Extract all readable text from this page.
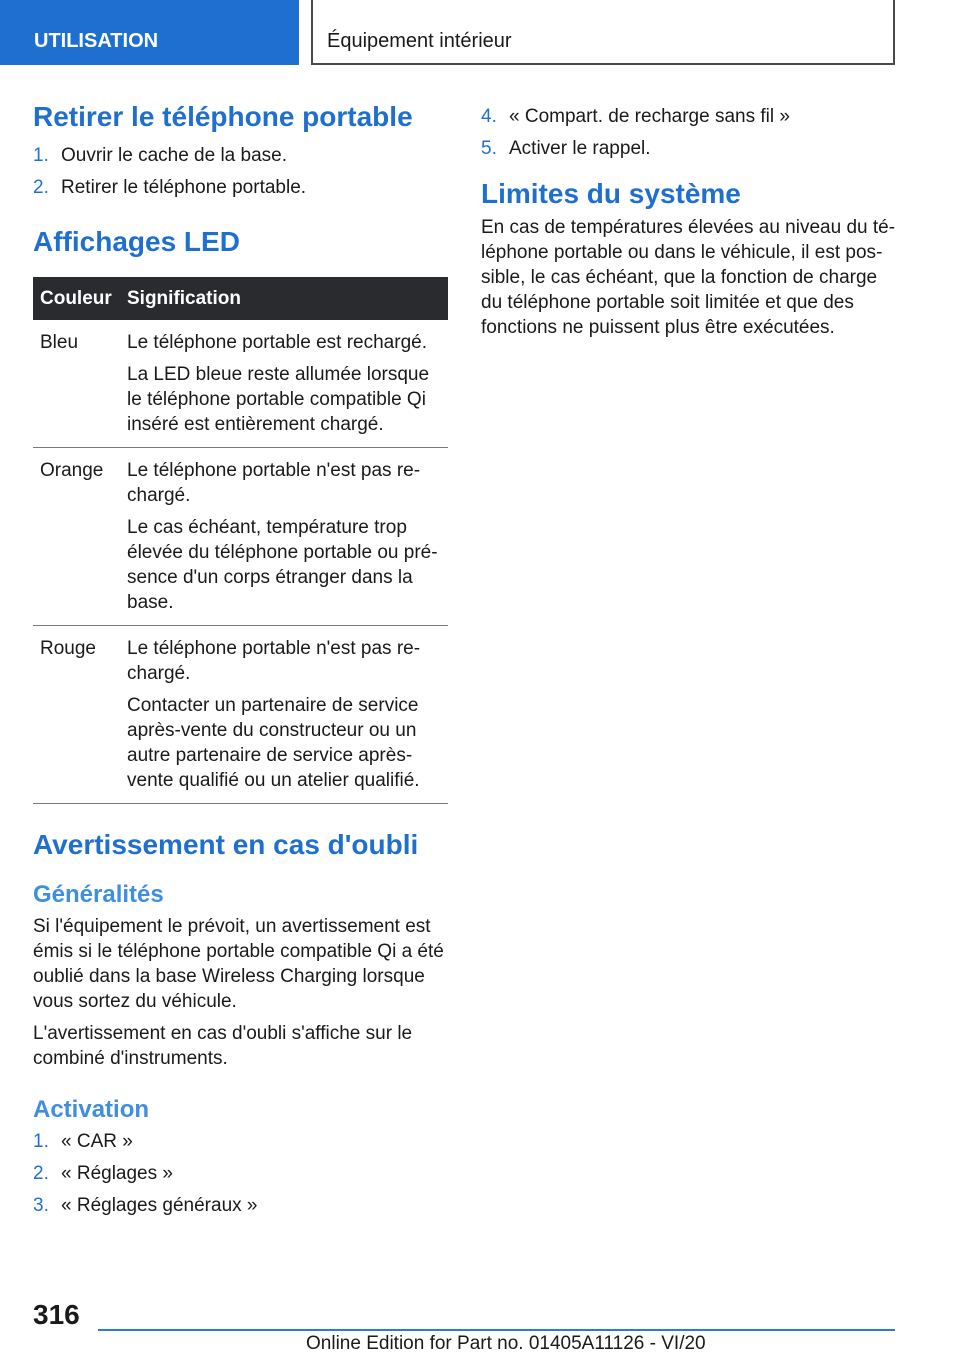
UTILISATION	Équipement intérieur
Retirer le téléphone portable
1. Ouvrir le cache de la base.
2. Retirer le téléphone portable.
Affichages LED
Couleur	Signification
Bleu	Le téléphone portable est rechargé.

La LED bleue reste allumée lorsque le téléphone portable compatible Qi inséré est entièrement chargé.

Orange	Le téléphone portable n'est pas rechargé.

Le cas échéant, température trop élevée du téléphone portable ou présence d'un corps étranger dans la base.

Rouge	Le téléphone portable n'est pas rechargé.

Contacter un partenaire de service après-vente du constructeur ou un autre partenaire de service après-vente qualifié ou un atelier qualifié.

Avertissement en cas d'oubli
Généralités

Si l'équipement le prévoit, un avertissement est émis si le téléphone portable compatible Qi a été oublié dans la base Wireless Charging lorsque vous sortez du véhicule.

L'avertissement en cas d'oubli s'affiche sur le combiné d'instruments.

Activation
1. « CAR »
2. « Réglages »
3. « Réglages généraux »
4. « Compart. de recharge sans fil »
5. Activer le rappel.
Limites du système

En cas de températures élevées au niveau du téléphone portable ou dans le véhicule, il est possible, le cas échéant, que la fonction de charge du téléphone portable soit limitée et que des fonctions ne puissent plus être exécutées.

316
Online Edition for Part no. 01405A11126 - VI/20
